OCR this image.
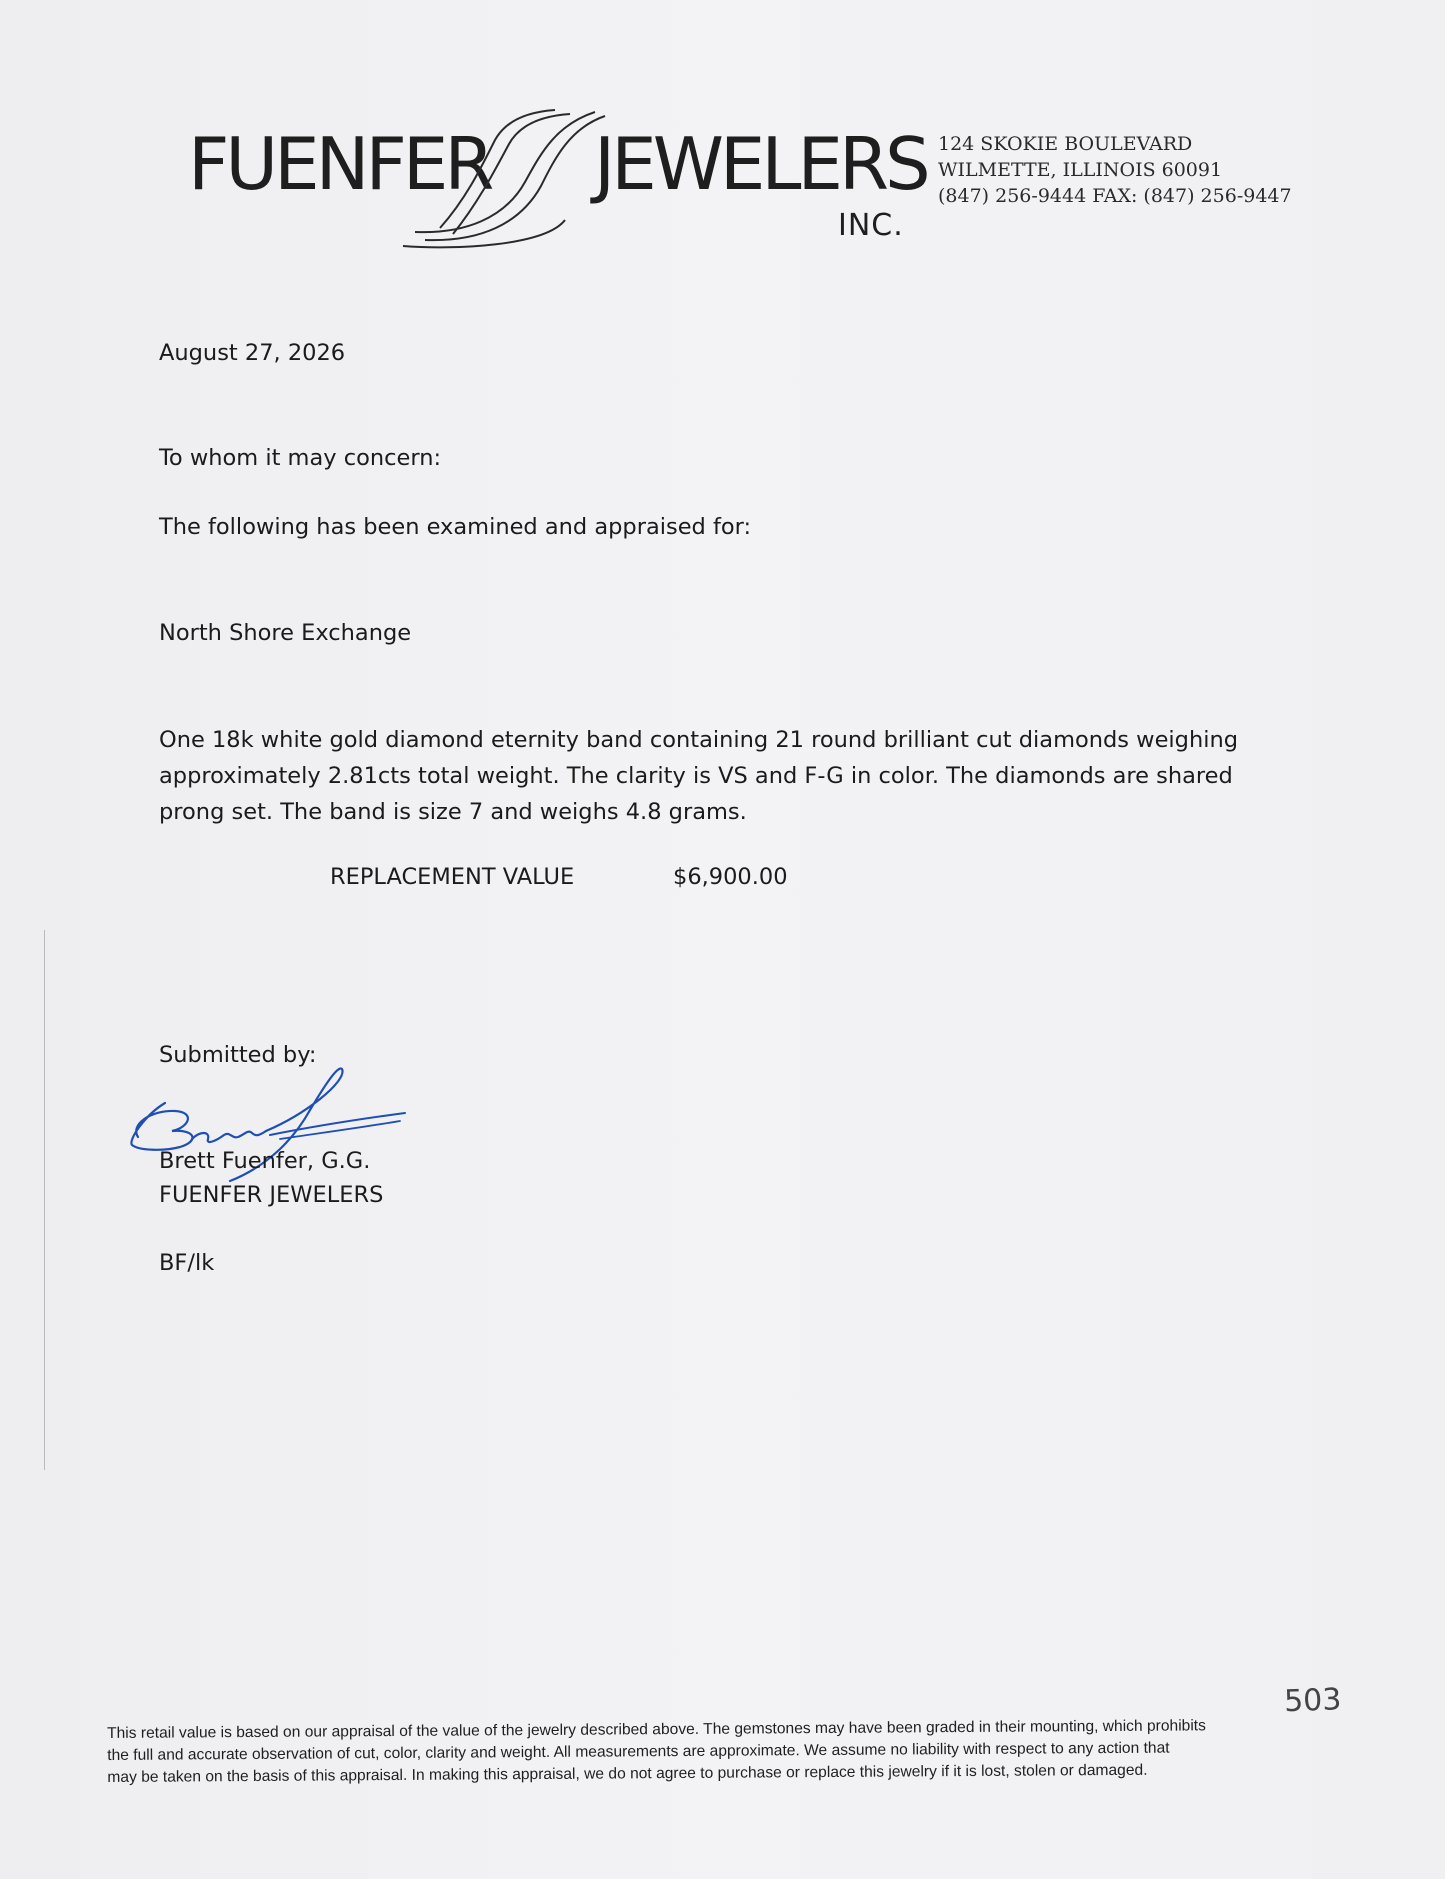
FUENFER JEWELERS
INC.
124 SKOKIE BOULEVARD
WILMETTE, ILLINOIS 60091
(847) 256-9444 FAX: (847) 256-9447
August 27, 2026
To whom it may concern:
The following has been examined and appraised for:
North Shore Exchange
One 18k white gold diamond eternity band containing 21 round brilliant cut diamonds weighing
approximately 2.81cts total weight. The clarity is VS and F-G in color. The diamonds are shared
prong set. The band is size 7 and weighs 4.8 grams.
REPLACEMENT VALUE	$6,900.00
Submitted by:
Brett Fuenfer, G.G.
FUENFER JEWELERS
BF/lk
503
This retail value is based on our appraisal of the value of the jewelry described above. The gemstones may have been graded in their mounting, which prohibits
the full and accurate observation of cut, color, clarity and weight. All measurements are approximate. We assume no liability with respect to any action that
may be taken on the basis of this appraisal. In making this appraisal, we do not agree to purchase or replace this jewelry if it is lost, stolen or damaged.
